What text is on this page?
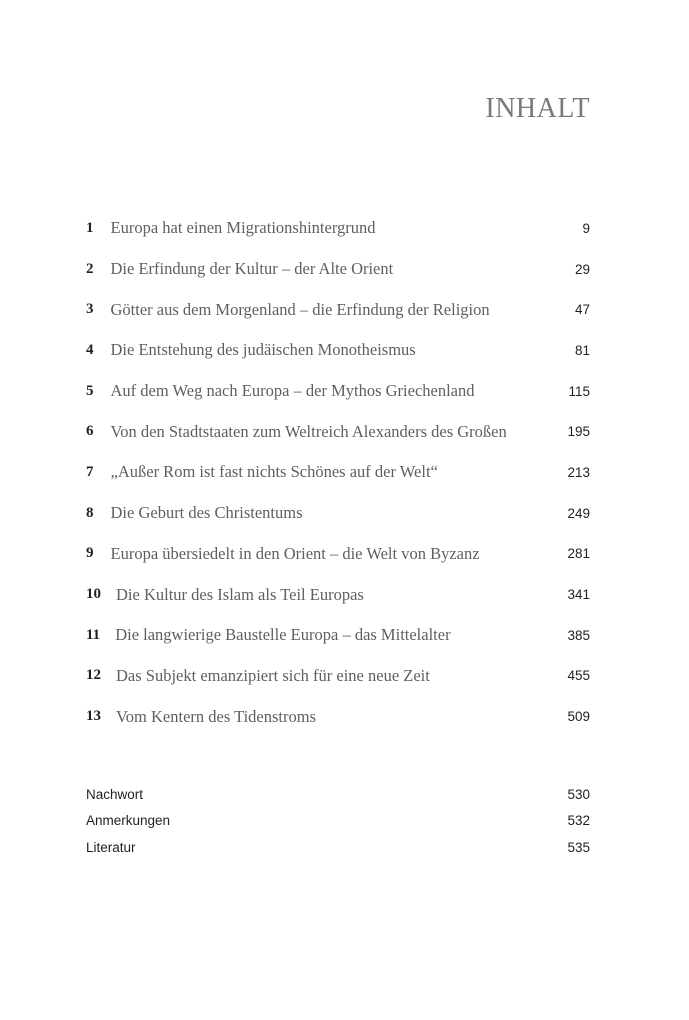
INHALT
1 Europa hat einen Migrationshintergrund	9
2 Die Erfindung der Kultur – der Alte Orient	29
3 Götter aus dem Morgenland – die Erfindung der Religion	47
4 Die Entstehung des judäischen Monotheismus	81
5 Auf dem Weg nach Europa – der Mythos Griechenland	115
6 Von den Stadtstaaten zum Weltreich Alexanders des Großen	195
7 „Außer Rom ist fast nichts Schönes auf der Welt“	213
8 Die Geburt des Christentums	249
9 Europa übersiedelt in den Orient – die Welt von Byzanz	281
10 Die Kultur des Islam als Teil Europas	341
11 Die langwierige Baustelle Europa – das Mittelalter	385
12 Das Subjekt emanzipiert sich für eine neue Zeit	455
13 Vom Kentern des Tidenstroms	509
Nachwort	530
Anmerkungen	532
Literatur	535
